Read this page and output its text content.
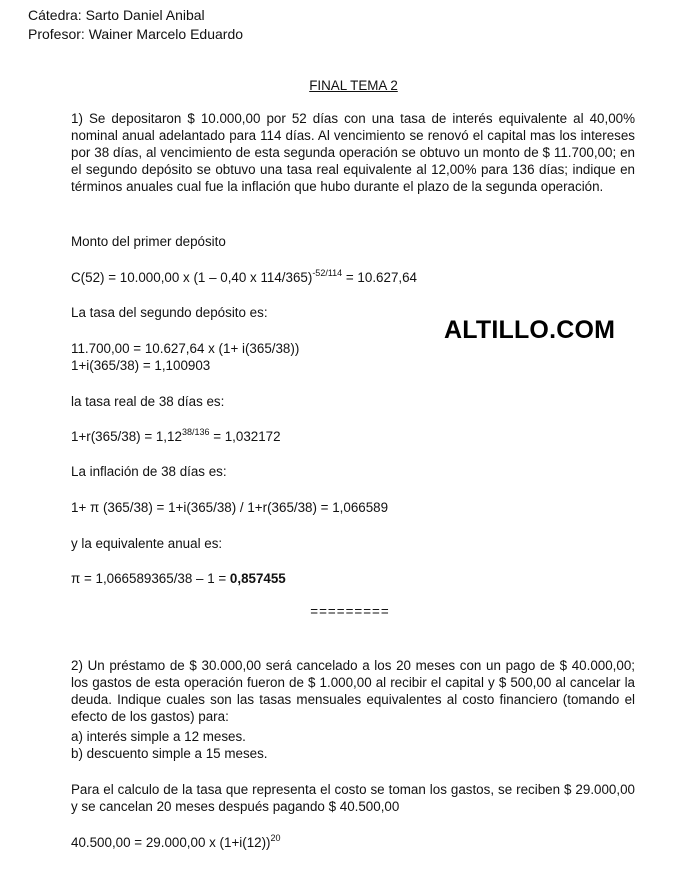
Cátedra: Sarto Daniel Anibal
Profesor: Wainer Marcelo Eduardo
FINAL TEMA 2
1) Se depositaron $ 10.000,00 por 52 días con una tasa de interés equivalente al 40,00% nominal anual adelantado para 114 días. Al vencimiento se renovó el capital mas los intereses por 38 días, al vencimiento de esta segunda operación se obtuvo un monto de $ 11.700,00; en el segundo depósito se obtuvo una tasa real equivalente al 12,00% para 136 días; indique en términos anuales cual fue la inflación que hubo durante el plazo de la segunda operación.
Monto del primer depósito
C(52) = 10.000,00 x (1 – 0,40 x 114/365)$^{-52/114}$ = 10.627,64
La tasa del segundo depósito es:
11.700,00 = 10.627,64 x (1+ i(365/38))
1+i(365/38) = 1,100903
ALTILLO.COM
la tasa real de 38 días es:
$1+r(365/38) = 1,12^{38/136} = 1,032172$
La inflación de 38 días es:
1+ π (365/38) = 1+i(365/38) / 1+r(365/38) = 1,066589
y la equivalente anual es:
π = 1,066589365/38 – 1 = 0,857455
=========
2) Un préstamo de $ 30.000,00 será cancelado a los 20 meses con un pago de $ 40.000,00; los gastos de esta operación fueron de $ 1.000,00 al recibir el capital y $ 500,00 al cancelar la deuda. Indique cuales son las tasas mensuales equivalentes al costo financiero (tomando el efecto de los gastos) para:
a) interés simple a 12 meses.
b) descuento simple a 15 meses.
Para el calculo de la tasa que representa el costo se toman los gastos, se reciben $ 29.000,00 y se cancelan 20 meses después pagando $ 40.500,00
40.500,00 = 29.000,00 x $(1+i(12))^{20}$
